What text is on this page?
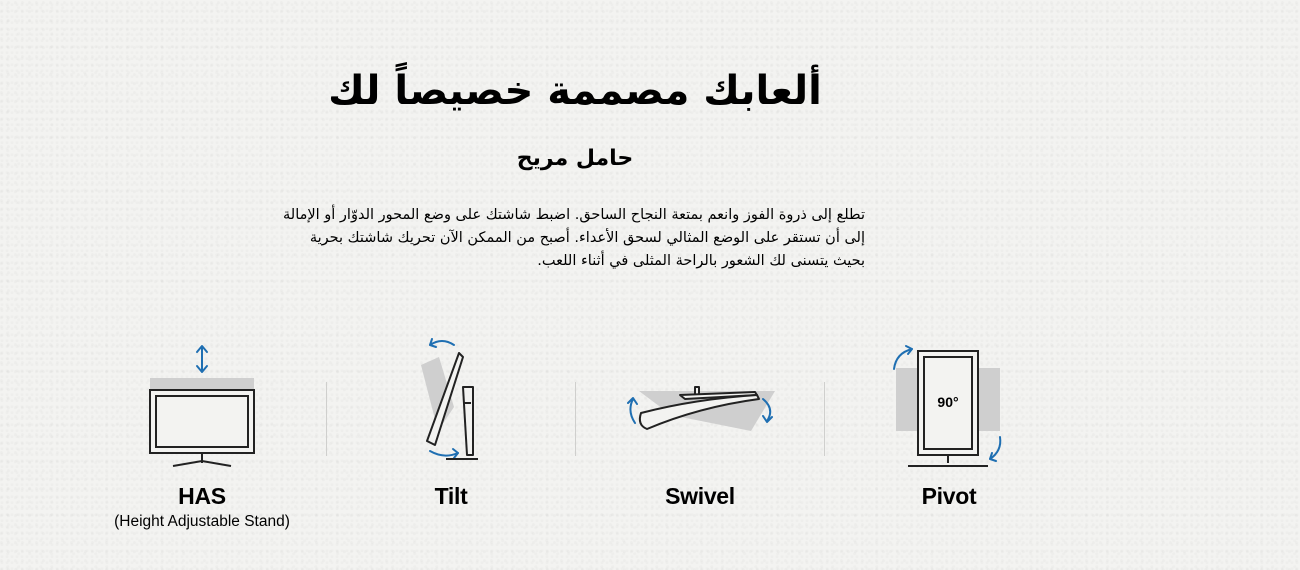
ألعابك مصممة خصيصاً لك
حامل مريح

تطلع إلى ذروة الفوز وانعم بمتعة النجاح الساحق. اضبط شاشتك على وضع المحور الدوّار أو الإمالة إلى أن تستقر على الوضع المثالي لسحق الأعداء. أصبح من الممكن الآن تحريك شاشتك بحرية بحيث يتسنى لك الشعور بالراحة المثلى في أثناء اللعب.

HAS
(Height Adjustable Stand)
Tilt	Swivel
90°
Pivot
